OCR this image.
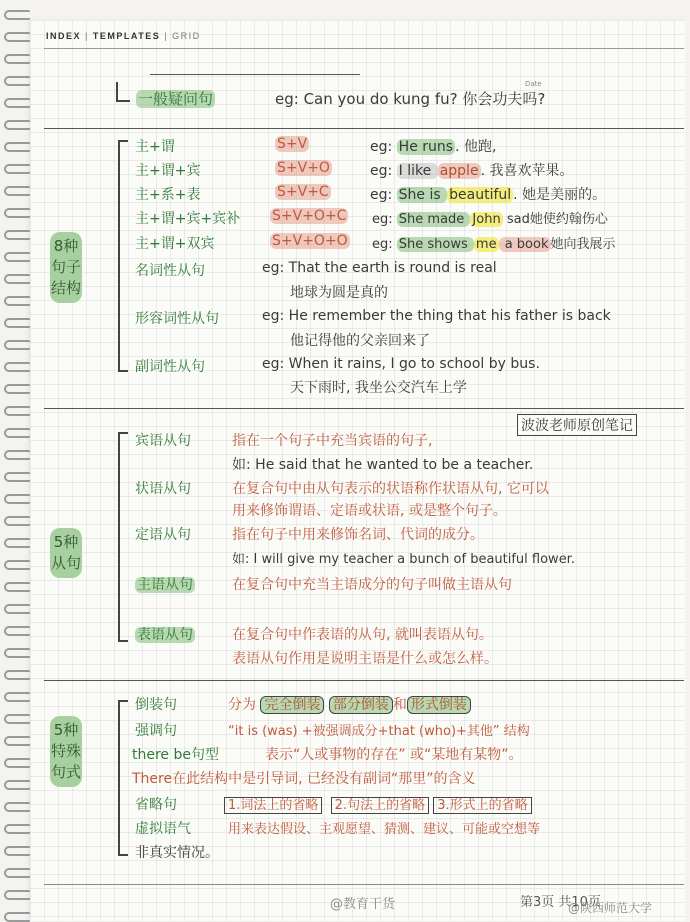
INDEX | TEMPLATES | GRID
一般疑问句	eg: Can you do kung fu? 你会功夫吗?
Date
8种句子结构
主+谓	S+V	eg: He runs . 他跑,
主+谓+宾	S+V+O	eg: I like apple . 我喜欢苹果。
主+系+表	S+V+C	eg: She is beautiful . 她是美丽的。
主+谓+宾+宾补 S+V+O+C eg: She made John sad她使约翰伤心
主+谓+双宾	S+V+O+O eg: She shows me a book 她向我展示
名词性从句	eg: That the earth is round is real
地球为圆是真的
形容词性从句	eg: He remember the thing that his father is back
他记得他的父亲回来了
副词性从句	eg: When it rains, I go to school by bus.
天下雨时, 我坐公交汽车上学
5种从句
波波老师原创笔记
宾语从句	指在一个句子中充当宾语的句子,
如: He said that he wanted to be a teacher.
状语从句	在复合句中由从句表示的状语称作状语从句, 它可以
用来修饰谓语、定语或状语, 或是整个句子。
定语从句	指在句子中用来修饰名词、代词的成分。
如: I will give my teacher a bunch of beautiful flower.
主语从句	在复合句中充当主语成分的句子叫做主语从句
表语从句	在复合句中作表语的从句, 就叫表语从句。
表语从句作用是说明主语是什么或怎么样。
5种特殊句式
倒装句	分为 完全倒装 部分倒装 和 形式倒装
强调句	“it is (was) +被强调成分+that (who)+其他” 结构
there be句型	表示“人或事物的存在” 或“某地有某物”。
There在此结构中是引导词, 已经没有副词“那里”的含义
省略句	1.词法上的省略 2.句法上的省略 3.形式上的省略
虚拟语气	用来表达假设、主观愿望、猜测、建议、可能或空想等
非真实情况。
@教育干货	第3页 共10页
@陕西师范大学
